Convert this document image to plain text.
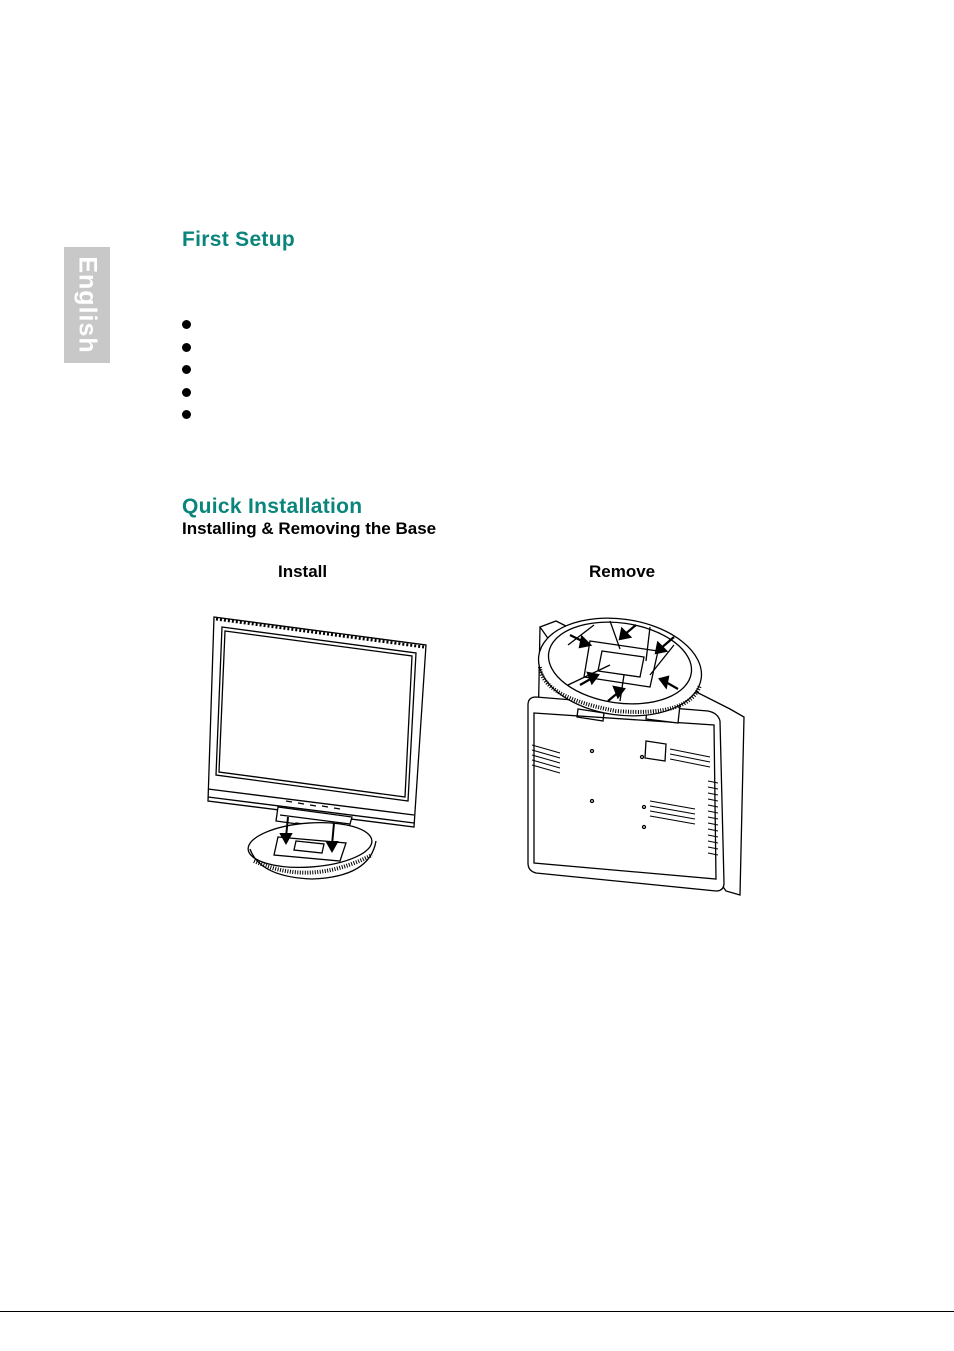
English
First Setup
Quick Installation

Installing & Removing the Base

Install	Remove
